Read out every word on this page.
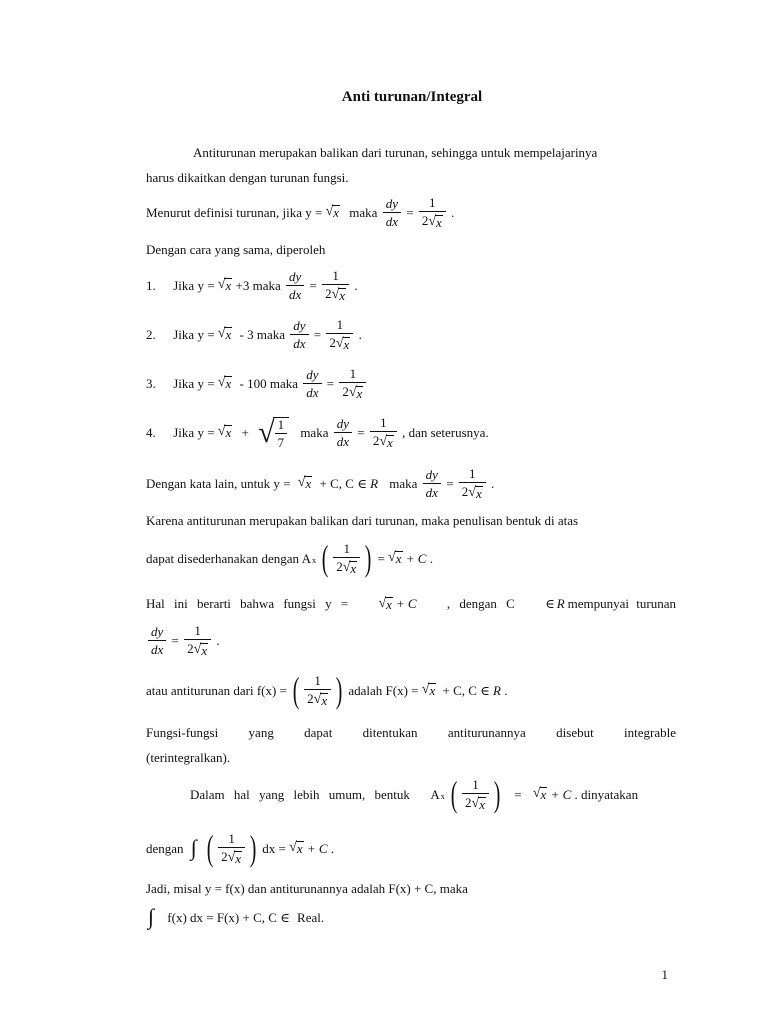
Anti turunan/Integral
Antiturunan merupakan balikan dari turunan, sehingga untuk mempelajarinya
harus dikaitkan dengan turunan fungsi.
Menurut definisi turunan, jika y = √ x maka $\frac{dy}{dx} = \frac{1}{2 √ x}$ .
Dengan cara yang sama, diperoleh
1. Jika y = √ x +3 maka $\frac{dy}{dx} = \frac{1}{2 √ x}$ .
2. Jika y = √ x - 3 maka $\frac{dy}{dx} = \frac{1}{2 √ x}$ .
3. Jika y = √ x - 100 maka $\frac{dy}{dx} = \frac{1}{2 √ x}$
4. Jika y = √ x + √ $\frac{1}{7}$ maka $\frac{dy}{dx} = \frac{1}{2 √ x}$ , dan seterusnya.
Dengan kata lain, untuk y = √ x + C, C ∈ R maka $\frac{dy}{dx} = \frac{1}{2 √ x}$ .
Karena antiturunan merupakan balikan dari turunan, maka penulisan bentuk di atas
dapat disederhanakan dengan $A_x$ ( $\frac{1}{2 √ x}$ ) = √ x + C .
Hal ini berarti bahwa fungsi y = √ x + C , dengan C ∈ R mempunyai turunan
$\frac{dy}{dx} = \frac{1}{2 √ x}$ .
atau antiturunan dari f(x) = ( $\frac{1}{2 √ x}$ ) adalah F(x) = √ x + C, C ∈ R .
Fungsi-fungsi yang dapat ditentukan antiturunannya disebut integrable
(terintegralkan).
Dalam hal yang lebih umum, bentuk $A_x$ ( $\frac{1}{2 √ x}$ ) = √ x + C . dinyatakan
dengan ∫ ( $\frac{1}{2 √ x}$ ) dx = √ x + C .
Jadi, misal y = f(x) dan antiturunannya adalah F(x) + C, maka
∫ f(x) dx = F(x) + C, C ∈ Real.
1
